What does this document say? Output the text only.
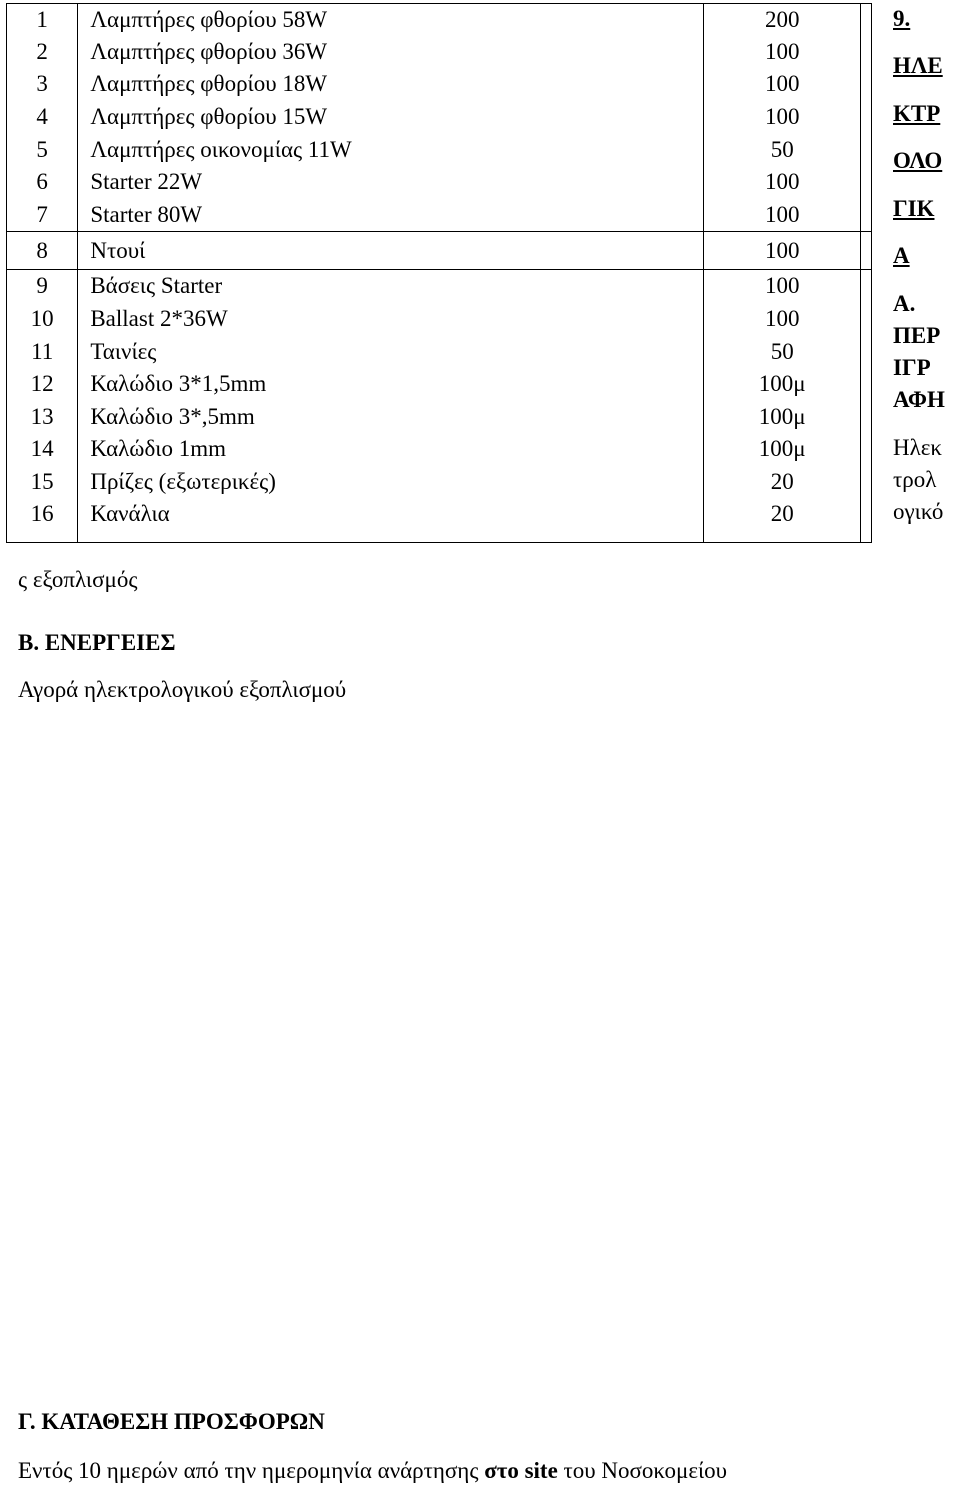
1	Λαμπτήρες φθορίου 58W	200	
2	Λαμπτήρες φθορίου 36W	100	
3	Λαμπτήρες φθορίου 18W	100	
4	Λαμπτήρες φθορίου 15W	100	
5	Λαμπτήρες οικονομίας 11W	50	
6	Starter 22W	100	
7	Starter 80W	100	
8	Ντουί	100	
9	Βάσεις Starter	100	
10	Ballast 2*36W	100	
11	Ταινίες	50	
12	Καλώδιο 3*1,5mm	100μ	
13	Καλώδιο 3*,5mm	100μ	
14	Καλώδιο 1mm	100μ	
15	Πρίζες (εξωτερικές)	20	
16	Κανάλια	20	
9.
ΗΛΕ
ΚΤΡ
ΟΛΟ
ΓΙΚ
Α
Α.
ΠΕΡ
ΙΓΡ
ΑΦΗ
Ηλεκ
τρολ
ογικό
ς εξοπλισμός
Β. ΕΝΕΡΓΕΙΕΣ
Αγορά ηλεκτρολογικού εξοπλισμού
Γ. ΚΑΤΑΘΕΣΗ ΠΡΟΣΦΟΡΩΝ
Εντός 10 ημερών από την ημερομηνία ανάρτησης στο site του Νοσοκομείου
